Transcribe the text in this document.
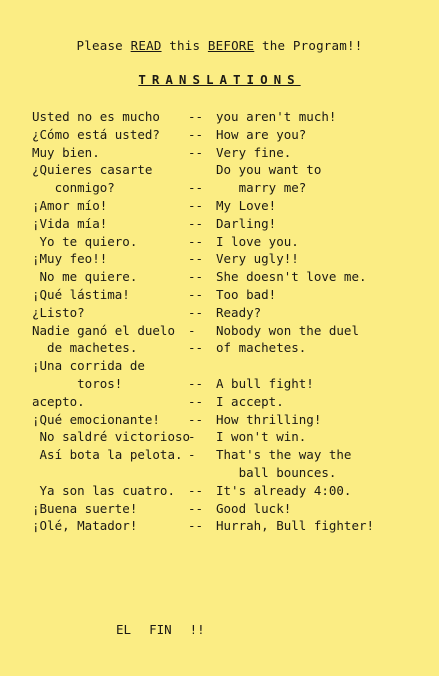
Please READ this BEFORE the Program!!
TRANSLATIONS
Usted no es mucho -- you aren't much!
¿Cómo está usted? -- How are you?
Muy bien.	-- Very fine.
¿Quieres casarte	Do you want to
conmigo?	-- marry me?
¡Amor mío!	-- My Love!
¡Vida mía!	-- Darling!
Yo te quiero.	-- I love you.
¡Muy feo!!	-- Very ugly!!
No me quiere.	-- She doesn't love me.
¡Qué lástima!	-- Too bad!
¿Listo?	-- Ready?
Nadie ganó el duelo - Nobody won the duel
de machetes.	-- of machetes.
¡Una corrida de
toros!	-- A bull fight!
acepto.	-- I accept.
¡Qué emocionante! -- How thrilling!
No saldré victorioso
- I won't win.
Así bota la pelota. - That's the way the
ball bounces.
Ya son las cuatro. -- It's already 4:00.
¡Buena suerte!	-- Good luck!
¡Olé, Matador!	-- Hurrah, Bull fighter!
EL FIN !!
